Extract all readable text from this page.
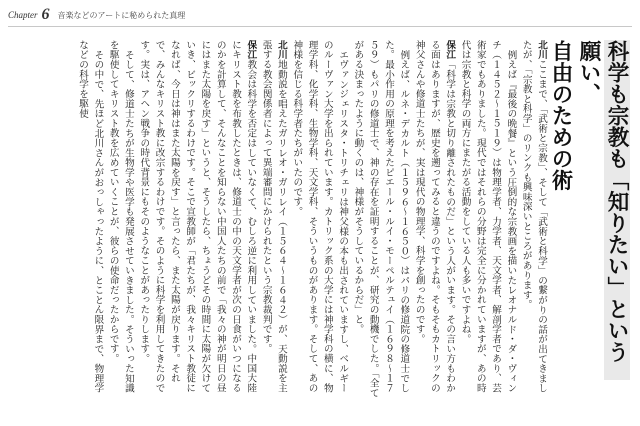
Chapter 6 音楽などのアートに秘められた真理
科学も宗教も「知りたい」という願い、
自由のための術

北川ここまで、「武術と宗教」、そして「武術と科学」の繋がりの話が出てきましたが、「宗教と科学」のリンクも興味深いところがあります。

例えば『最後の晩餐』という圧倒的な宗教画を描いたレオナルド・ダ・ヴィンチ（１４５２～１５１９）は物理学者、力学者、天文学者、解剖学者であり、芸術家でもありました。現代ではそれらの分野は完全に分かれていますが、あの時代は宗教と科学の両方にまたがる活動をしている人も多いですよね。

保江「科学は宗教と切り離されたものだ」という人がいます。その言い方もわかる面はありますが、歴史を遡ってみると違うのですよね。そもそもカトリックの神父さんや修道士たちが、実は現代の物理学、科学を創ったのです。

例えば、ルネ・デカルト（１５９６～１６５０）はパリの修道院の修道士でした。最小作用の原理を考えたピエール・ルイ・モーペルテュイ（１６９８～１７５９）もパリの修道士で、神の存在を証明することが、研究の動機でした。「全てがある決まったように動くのは、神様がそうしているからだ」と。

エヴァンジェリスタ・トリチェリは神父様の本も出されていますし、ベルギーのルーヴァン大学を出られています。カトリック系の大学には神学科の横に、物理学科、化学科、生物学科、天文学科、そういうものがあります。そして、あの神様を信じる科学者たちがいたのです。

北川地動説を唱えたガリレオ・ガリレイ（１５６４～１６４２）が、天動説を主張する教会関係者によって異端審問にかけられたという宗教裁判です。

保江教会は科学を否定はしていなくて、むしろ逆に利用していました。中国大陸にキリスト教を布教したときは、修道士の中の天文学者が次の日食がいつになるのかを計算して、そんなことを知らない中国人たちの前で「我々の神が明日の昼にはまた太陽を戻す」というと、そうしたら、ちょうどその時間に太陽が欠けていき、ビックリするわけです。そこで宣教師が「君たちが、我々キリスト教徒になれば、今日は神はまた太陽を戻す」と言ったら、また太陽が戻ります。それで、みんなキリスト教に改宗するわけです。そのように科学を利用してきたのです。実は、アヘン戦争の時代背景にもそのようなことがあったりします。

そして、修道士たちが生物学や医学も発展させていきました。そういった知識を駆使してキリスト教を広めていくことが、彼らの使命だったからです。

その中で、先ほど北川さんがおっしゃったように、とことん限界まで、物理学などの科学を駆使
